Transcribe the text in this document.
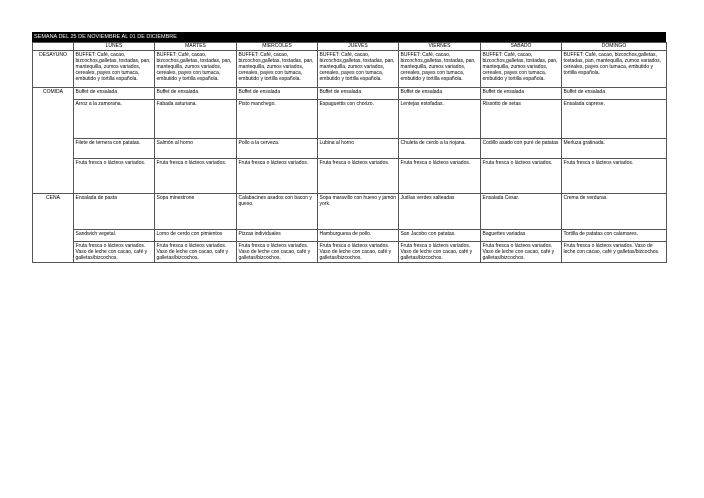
SEMANA DEL 25 DE NOVIEMBRE AL 01 DE DICIEMBRE
	LUNES	MARTES	MIERCOLES	JUEVES	VIERNES	SÁBADO	DOMINGO
DESAYUNO	BUFFET: Café, cacao, bizcochos,galletas, tostadas, pan, mantequilla, zumos variados, cereales, payes con tumaca, embutido y tortilla española.	BUFFET: Café, cacao, bizcochos,galletas, tostadas, pan, mantequilla, zumos variados, cereales, payes con tumaca, embutido y tortilla española.	BUFFET: Café, cacao, bizcochos,galletas, tostadas, pan, mantequilla, zumos variados, cereales, payes con tumaca, embutido y tortilla española.	BUFFET: Café, cacao, bizcochos,galletas, tostadas, pan, mantequilla, zumos variados, cereales, payes con tumaca, embutido y tortilla española.	BUFFET: Café, cacao, bizcochos,galletas, tostadas, pan, mantequilla, zumos variados, cereales, payes con tumaca, embutido y tortilla española.	BUFFET: Café, cacao, bizcochos,galletas, tostadas, pan, mantequilla, zumos variados, cereales, payes con tumaca, embutido y tortilla española.	BUFFET: Café, cacao, bizcochos,galletas, tostadas, pan, mantequilla, zumos variados, cereales, payes con tumaca, embutido y tortilla española.
COMIDA	Buffet de ensalada	Buffet de ensalada	Buffet de ensalada	Buffet de ensalada	Buffet de ensalada	Buffet de ensalada	Buffet de ensalada
	Arroz a la zamorana.	Fabada asturiana.	Pisto manchego.	Espaguettis con chorizo.	Lentejas estofadas.	Rissotto de setas	Ensalada caprese.
	Filete de ternera con patatas.	Salmón al horno	Pollo a la cerveza.	Lubina al horno	Chuleta de cerdo a la riojana.	Codillo asado con puré de patatas	Merluza gratinada.
	Fruta fresca o lácteos variados.	Fruta fresca o lácteos variados.	Fruta fresca o lácteos variados.	Fruta fresca o lácteos variados.	Fruta fresca o lácteos variados.	Fruta fresca o lácteos variados.	Fruta fresca o lácteos variados.
CENA	Ensalada de pasta	Sopa minestrone	Calabacines asados con bacon y queso.	Sopa maravillo con huevo y jamón york.	Judías verdes salteadas	Ensalada Cesar.	Crema de verduras.
	Sandwich vegetal.	Lomo de cerdo con pimientos	Pizzas individuales	Hamburguesa de pollo.	San Jacobo con patatas.	Baguettes variadas.	Tortilla de patatas con calamares.
	Fruta fresca o lácteos variados. Vaso de leche con cacao, café y galletas/bizcochos.	Fruta fresca o lácteos variados. Vaso de leche con cacao, café y galletas/bizcochos.	Fruta fresca o lácteos variados. Vaso de leche con cacao, café y galletas/bizcochos.	Fruta fresca o lácteos variados. Vaso de leche con cacao, café y galletas/bizcochos.	Fruta fresca o lácteos variados. Vaso de leche con cacao, café y galletas/bizcochos.	Fruta fresca o lácteos variados. Vaso de leche con cacao, café y galletas/bizcochos.	Fruta fresca o lácteos variados. Vaso de leche con cacao, café y galletas/bizcochos.
